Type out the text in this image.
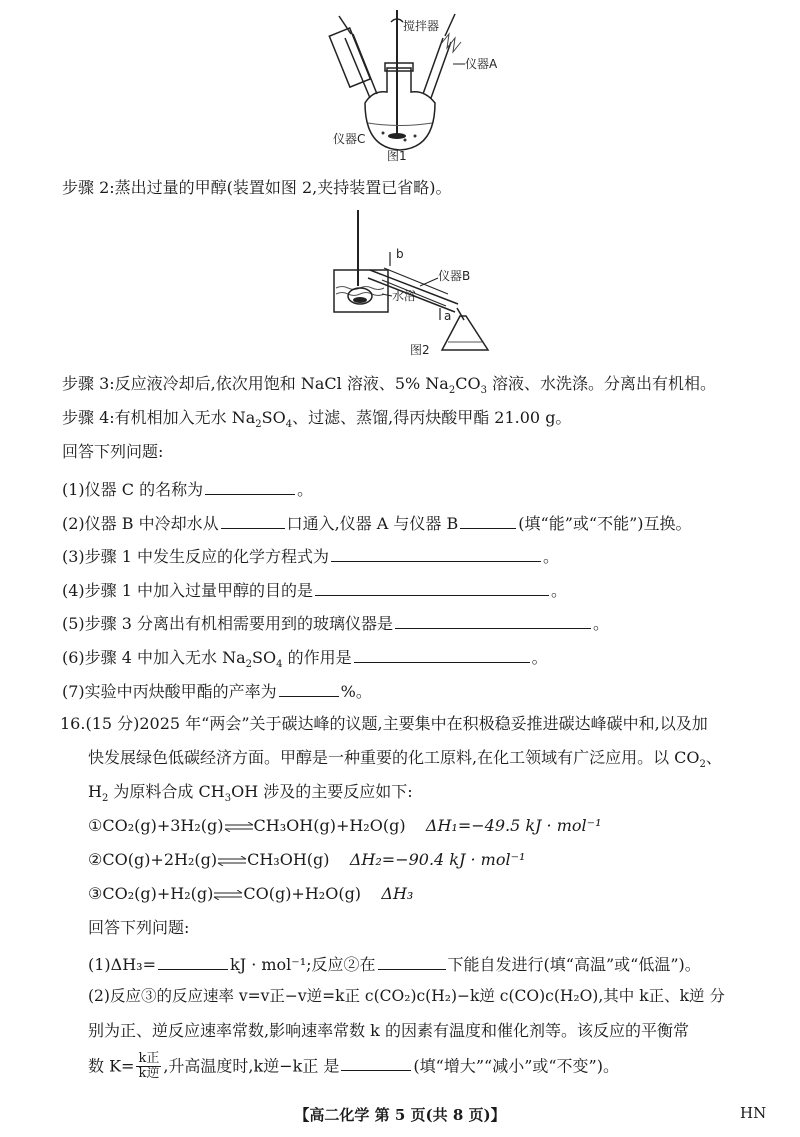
搅拌器
仪器A
仪器C
图1
步骤 2:蒸出过量的甲醇(装置如图 2,夹持装置已省略)。
b
仪器B
水浴
a
图2
步骤 3:反应液冷却后,依次用饱和 NaCl 溶液、5% $Na_2CO_3$ 溶液、水洗涤。分离出有机相。
步骤 4:有机相加入无水 $Na_2SO_4$、过滤、蒸馏,得丙炔酸甲酯 21.00 g。
回答下列问题:
(1)仪器 C 的名称为	。
(2)仪器 B 中冷却水从	口通入,仪器 A 与仪器 B	(填“能”或“不能”)互换。
(3)步骤 1 中发生反应的化学方程式为	。
(4)步骤 1 中加入过量甲醇的目的是	。
(5)步骤 3 分离出有机相需要用到的玻璃仪器是	。
(6)步骤 4 中加入无水 $Na_2SO_4$ 的作用是	。
(7)实验中丙炔酸甲酯的产率为	%。
16.(15 分)2025 年“两会”关于碳达峰的议题,主要集中在积极稳妥推进碳达峰碳中和,以及加
快发展绿色低碳经济方面。甲醇是一种重要的化工原料,在化工领域有广泛应用。以 $CO_2$、
$H_2$ 为原料合成 $CH_3OH$ 涉及的主要反应如下:
①CO₂(g)+3H₂(g)⇌CH₃OH(g)+H₂O(g) ΔH₁=−49.5 kJ · mol⁻¹
②CO(g)+2H₂(g)⇌CH₃OH(g) ΔH₂=−90.4 kJ · mol⁻¹
③CO₂(g)+H₂(g)⇌CO(g)+H₂O(g) ΔH₃
回答下列问题:
(1)ΔH₃=	kJ · mol⁻¹;反应②在	下能自发进行(填“高温”或“低温”)。
(2)反应③的反应速率 v=v正−v逆=k正 c(CO₂)c(H₂)−k逆 c(CO)c(H₂O),其中 k正、k逆 分
别为正、逆反应速率常数,影响速率常数 k 的因素有温度和催化剂等。该反应的平衡常
数 $K= \frac{\text{k正}}{\text{k逆}}$ ,升高温度时,k逆−k正 是	(填“增大”“减小”或“不变”)。
【高二化学 第 5 页(共 8 页)】	HN
